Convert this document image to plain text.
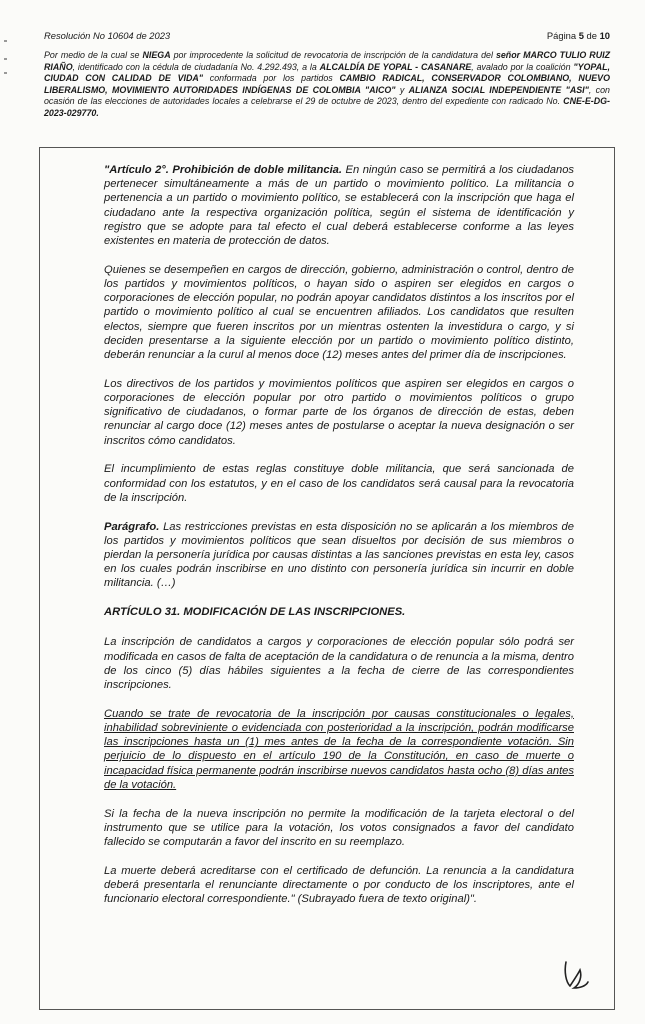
Resolución No 10604 de 2023	Página 5 de 10
Por medio de la cual se NIEGA por improcedente la solicitud de revocatoria de inscripción de la candidatura del señor MARCO TULIO RUIZ RIAÑO, identificado con la cédula de ciudadanía No. 4.292.493, a la ALCALDÍA DE YOPAL - CASANARE, avalado por la coalición "YOPAL, CIUDAD CON CALIDAD DE VIDA" conformada por los partidos CAMBIO RADICAL, CONSERVADOR COLOMBIANO, NUEVO LIBERALISMO, MOVIMIENTO AUTORIDADES INDÍGENAS DE COLOMBIA "AICO" y ALIANZA SOCIAL INDEPENDIENTE "ASI", con ocasión de las elecciones de autoridades locales a celebrarse el 29 de octubre de 2023, dentro del expediente con radicado No. CNE-E-DG-2023-029770.

"Artículo 2°. Prohibición de doble militancia. En ningún caso se permitirá a los ciudadanos pertenecer simultáneamente a más de un partido o movimiento político. La militancia o pertenencia a un partido o movimiento político, se establecerá con la inscripción que haga el ciudadano ante la respectiva organización política, según el sistema de identificación y registro que se adopte para tal efecto el cual deberá establecerse conforme a las leyes existentes en materia de protección de datos.

Quienes se desempeñen en cargos de dirección, gobierno, administración o control, dentro de los partidos y movimientos políticos, o hayan sido o aspiren ser elegidos en cargos o corporaciones de elección popular, no podrán apoyar candidatos distintos a los inscritos por el partido o movimiento político al cual se encuentren afiliados. Los candidatos que resulten electos, siempre que fueren inscritos por un mientras ostenten la investidura o cargo, y si deciden presentarse a la siguiente elección por un partido o movimiento político distinto, deberán renunciar a la curul al menos doce (12) meses antes del primer día de inscripciones.

Los directivos de los partidos y movimientos políticos que aspiren ser elegidos en cargos o corporaciones de elección popular por otro partido o movimientos políticos o grupo significativo de ciudadanos, o formar parte de los órganos de dirección de estas, deben renunciar al cargo doce (12) meses antes de postularse o aceptar la nueva designación o ser inscritos cómo candidatos.

El incumplimiento de estas reglas constituye doble militancia, que será sancionada de conformidad con los estatutos, y en el caso de los candidatos será causal para la revocatoria de la inscripción.

Parágrafo. Las restricciones previstas en esta disposición no se aplicarán a los miembros de los partidos y movimientos políticos que sean disueltos por decisión de sus miembros o pierdan la personería jurídica por causas distintas a las sanciones previstas en esta ley, casos en los cuales podrán inscribirse en uno distinto con personería jurídica sin incurrir en doble militancia. (…)

ARTÍCULO 31. MODIFICACIÓN DE LAS INSCRIPCIONES.

La inscripción de candidatos a cargos y corporaciones de elección popular sólo podrá ser modificada en casos de falta de aceptación de la candidatura o de renuncia a la misma, dentro de los cinco (5) días hábiles siguientes a la fecha de cierre de las correspondientes inscripciones.

Cuando se trate de revocatoria de la inscripción por causas constitucionales o legales, inhabilidad sobreviniente o evidenciada con posterioridad a la inscripción, podrán modificarse las inscripciones hasta un (1) mes antes de la fecha de la correspondiente votación. Sin perjuicio de lo dispuesto en el artículo 190 de la Constitución, en caso de muerte o incapacidad física permanente podrán inscribirse nuevos candidatos hasta ocho (8) días antes de la votación.

Si la fecha de la nueva inscripción no permite la modificación de la tarjeta electoral o del instrumento que se utilice para la votación, los votos consignados a favor del candidato fallecido se computarán a favor del inscrito en su reemplazo.

La muerte deberá acreditarse con el certificado de defunción. La renuncia a la candidatura deberá presentarla el renunciante directamente o por conducto de los inscriptores, ante el funcionario electoral correspondiente." (Subrayado fuera de texto original)".
